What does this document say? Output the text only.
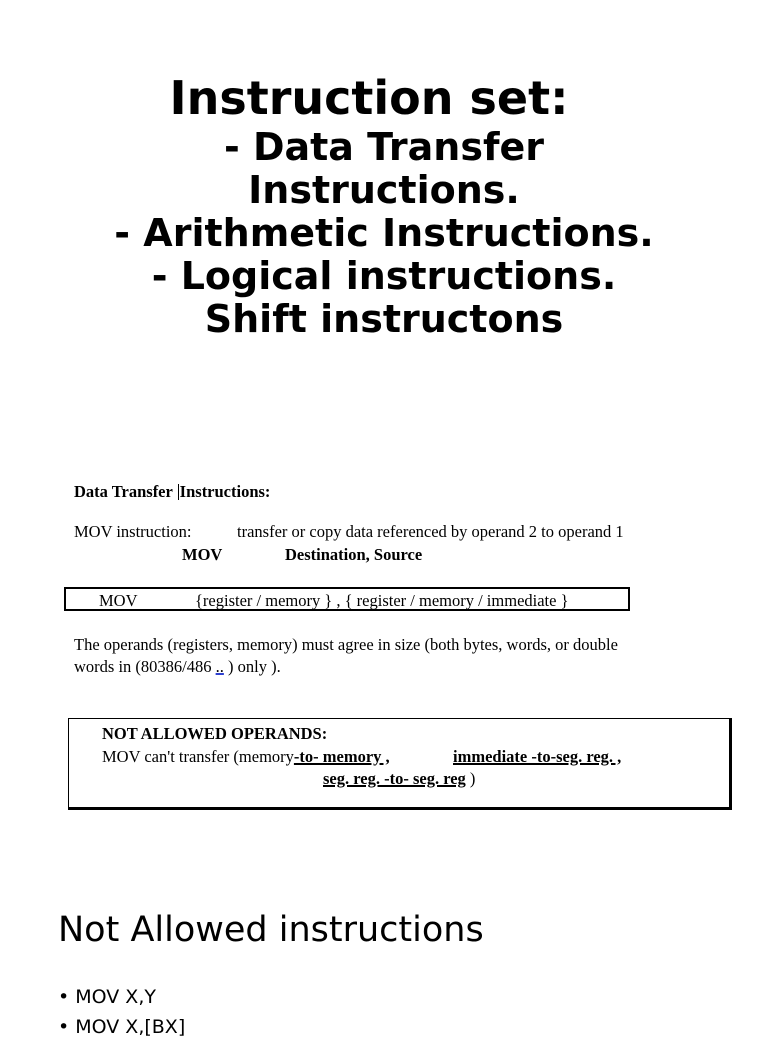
Instruction set:
- Data Transfer
Instructions.
- Arithmetic Instructions.
- Logical instructions.
Shift instructons
Data Transfer Instructions:
MOV instruction:	transfer or copy data referenced by operand 2 to operand 1
MOV	Destination, Source
MOV	{register / memory } , { register / memory / immediate }
The operands (registers, memory) must agree in size (both bytes, words, or double
words in (80386/486 .. ) only ).
NOT ALLOWED OPERANDS:
MOV can't transfer (memory-to- memory ,	immediate -to-seg. reg. ,
seg. reg. -to- seg. reg )
Not Allowed instructions
• MOV X,Y
• MOV X,[BX]
